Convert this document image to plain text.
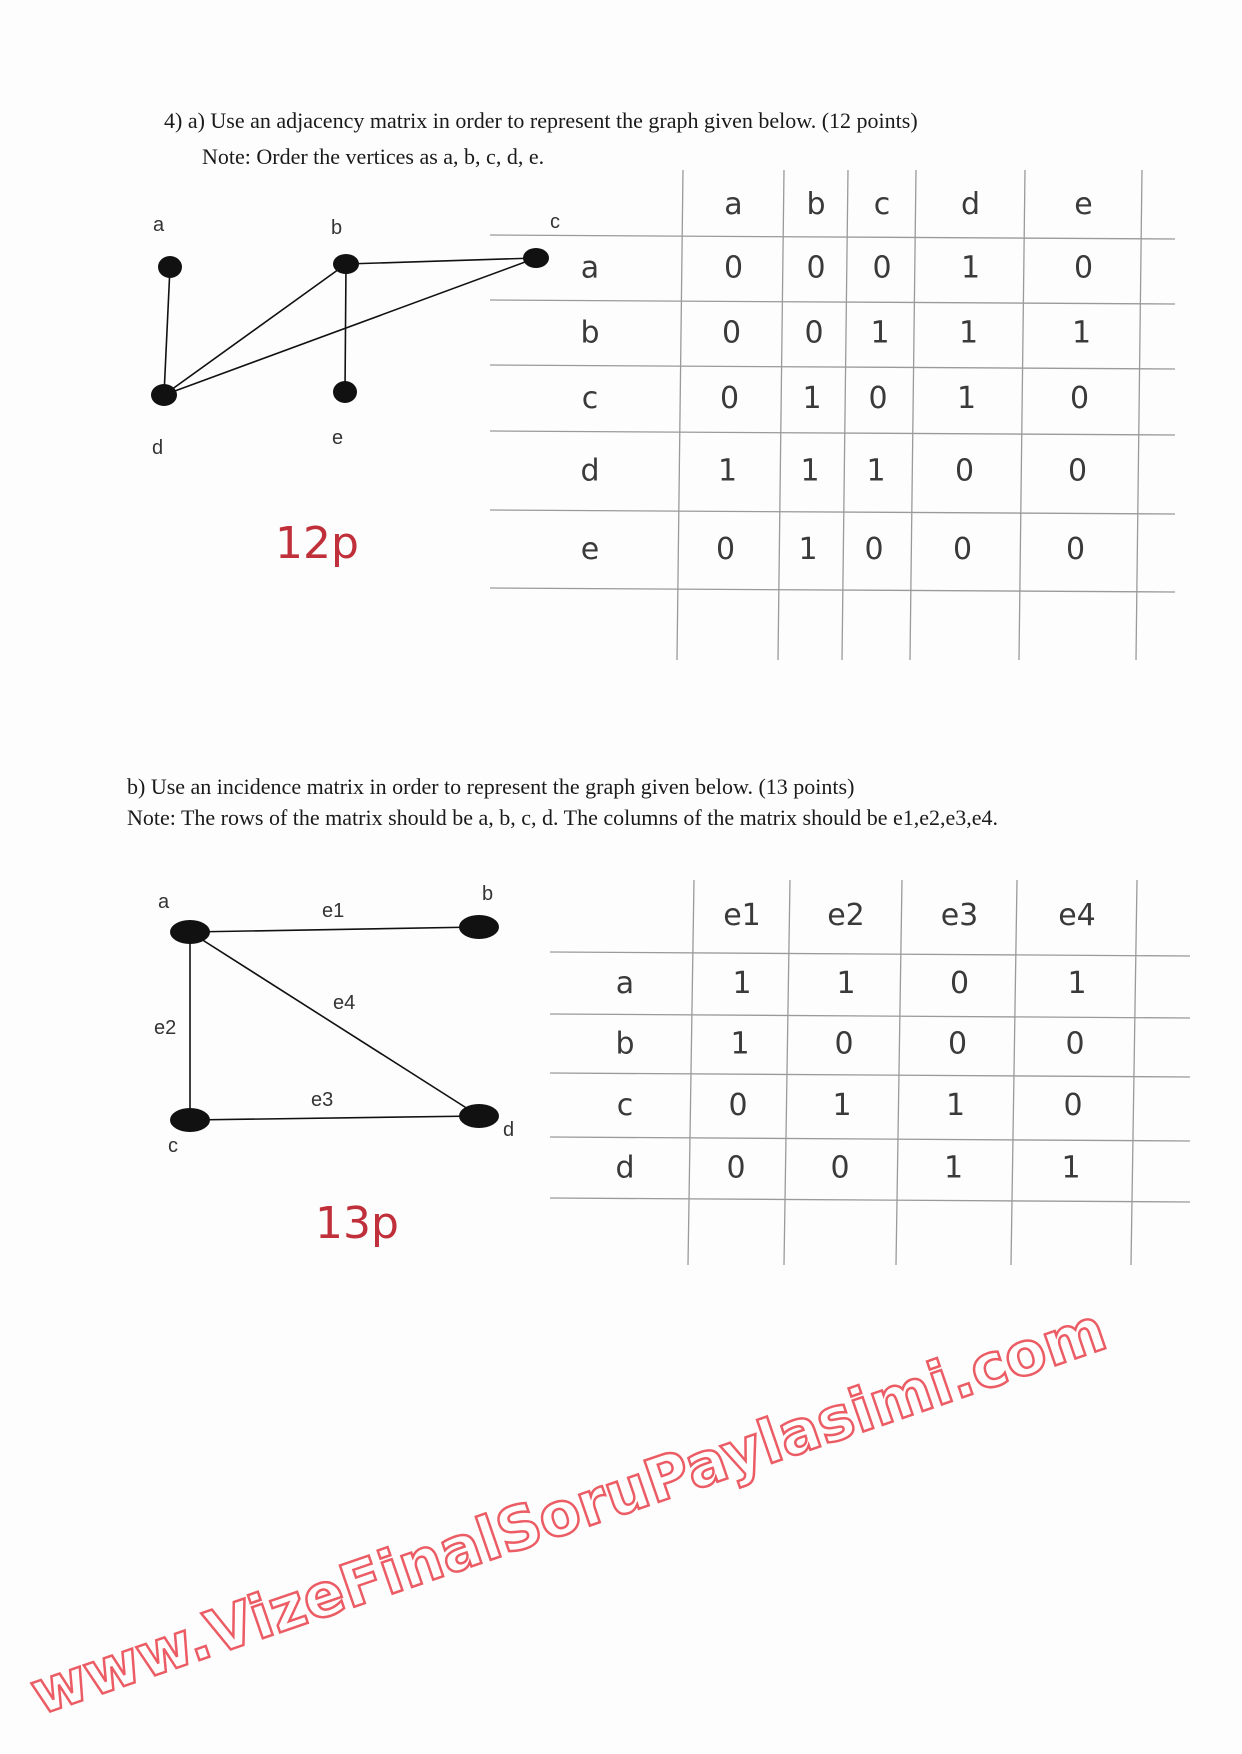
4) a) Use an adjacency matrix in order to represent the graph given below. (12 points)
Note: Order the vertices as a, b, c, d, e.
a	b	c
d	e
12p
a b c d	e
a	0 0 0 1	0
b	0 0 1 1	1
c	0 1 0 1	0
d	1 1 1 0	0
e	0 1 0 0	0
b) Use an incidence matrix in order to represent the graph given below. (13 points)
Note: The rows of the matrix should be a, b, c, d. The columns of the matrix should be e1,e2,e3,e4.
a	b
c
d
e1
e2
e3
e4
13p
e1 e2	e3	e4
a	1	1	0	1
b	1	0	0	0
c	0	1	1	0
d	0	0	1	1
www.VizeFinalSoruPaylasimi.com
